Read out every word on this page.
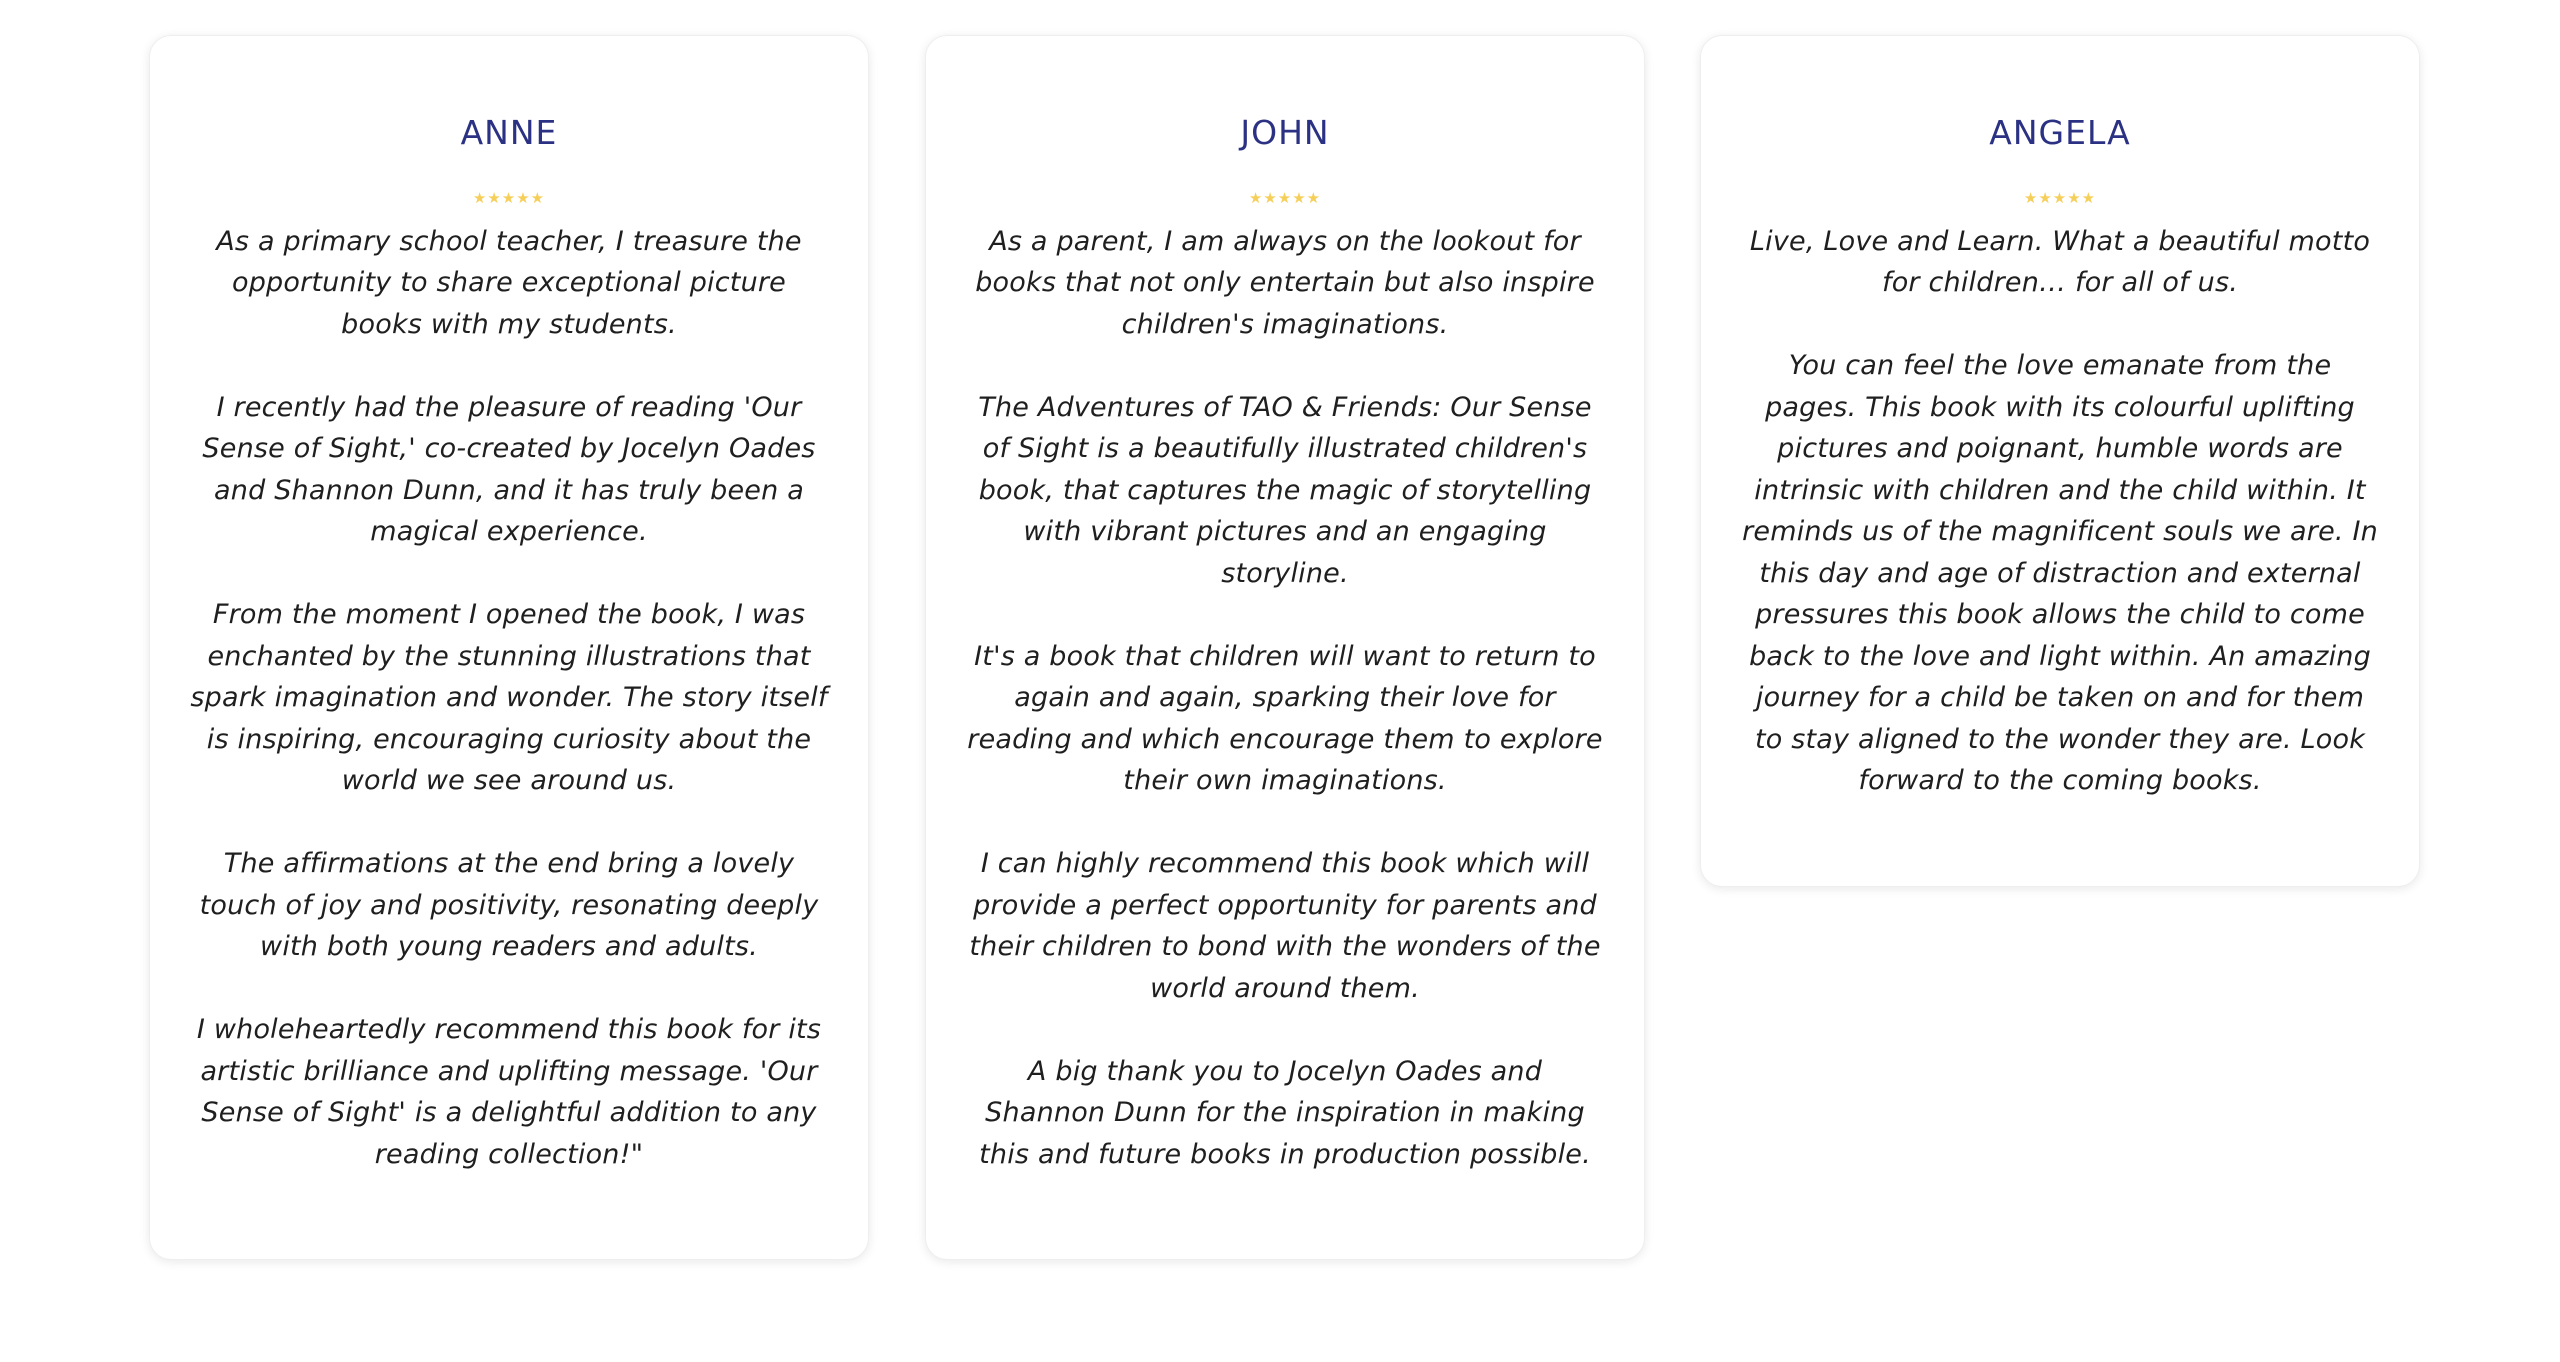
ANNE
★★★★★

As a primary school teacher, I treasure the opportunity to share exceptional picture books with my students.

I recently had the pleasure of reading 'Our Sense of Sight,' co-created by Jocelyn Oades and Shannon Dunn, and it has truly been a magical experience.

From the moment I opened the book, I was enchanted by the stunning illustrations that spark imagination and wonder. The story itself is inspiring, encouraging curiosity about the world we see around us.

The affirmations at the end bring a lovely touch of joy and positivity, resonating deeply with both young readers and adults.

I wholeheartedly recommend this book for its artistic brilliance and uplifting message. 'Our Sense of Sight' is a delightful addition to any reading collection!"

JOHN
★★★★★

As a parent, I am always on the lookout for books that not only entertain but also inspire children's imaginations.

The Adventures of TAO & Friends: Our Sense of Sight is a beautifully illustrated children's book, that captures the magic of storytelling with vibrant pictures and an engaging storyline.

It's a book that children will want to return to again and again, sparking their love for reading and which encourage them to explore their own imaginations.

I can highly recommend this book which will provide a perfect opportunity for parents and their children to bond with the wonders of the world around them.

A big thank you to Jocelyn Oades and Shannon Dunn for the inspiration in making this and future books in production possible.

ANGELA
★★★★★

Live, Love and Learn. What a beautiful motto for children… for all of us.

You can feel the love emanate from the pages. This book with its colourful uplifting pictures and poignant, humble words are intrinsic with children and the child within. It reminds us of the magnificent souls we are. In this day and age of distraction and external pressures this book allows the child to come back to the love and light within. An amazing journey for a child be taken on and for them to stay aligned to the wonder they are. Look forward to the coming books.
